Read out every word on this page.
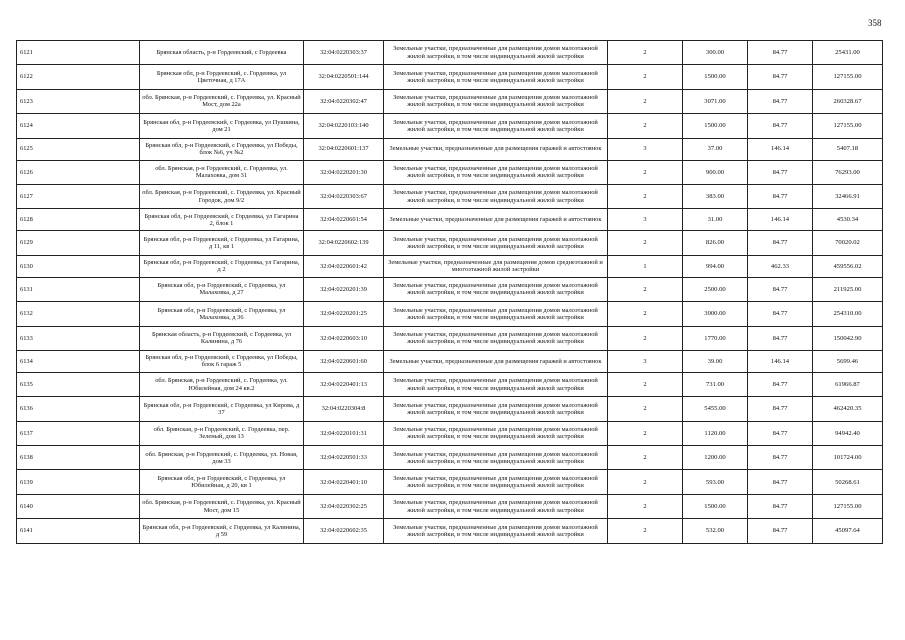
358
6121	Брянская область, р-н Гордеевский, с Гордеевка	32:04:0220303:37	Земельные участки, предназначенные для размещения домов малоэтажной жилой застройки, в том числе индивидуальной жилой застройки	2	300.00	84.77	25431.00
6122	Брянская обл, р-н Гордеевский, с. Гордеевка, ул Цветочная, д 17А	32:04:0220501:144	Земельные участки, предназначенные для размещения домов малоэтажной жилой застройки, в том числе индивидуальной жилой застройки	2	1500.00	84.77	127155.00
6123	обл. Брянская, р-н Гордеевский, с. Гордеевка, ул. Красный Мост, дом 22а	32:04:0220302:47	Земельные участки, предназначенные для размещения домов малоэтажной жилой застройки, в том числе индивидуальной жилой застройки	2	3071.00	84.77	260328.67
6124	Брянская обл, р-н Гордеевский, с Гордеевка, ул Пушкина, дом 21	32:04:0220103:140	Земельные участки, предназначенные для размещения домов малоэтажной жилой застройки, в том числе индивидуальной жилой застройки	2	1500.00	84.77	127155.00
6125	Брянская обл, р-н Гордеевский, с Гордеевка, ул Победы, блок №6, уч №2	32:04:0220601:137	Земельные участки, предназначенные для размещения гаражей и автостоянок	3	37.00	146.14	5407.18
6126	обл. Брянская, р-н Гордеевский, с. Гордеевка, ул. Малаховка, дом 31	32:04:0220201:30	Земельные участки, предназначенные для размещения домов малоэтажной жилой застройки, в том числе индивидуальной жилой застройки	2	900.00	84.77	76293.00
6127	обл. Брянская, р-н Гордеевский, с. Гордеевка, ул. Красный Городок, дом 9/2	32:04:0220303:67	Земельные участки, предназначенные для размещения домов малоэтажной жилой застройки, в том числе индивидуальной жилой застройки	2	383.00	84.77	32466.91
6128	Брянская обл, р-н Гордеевский, с Гордеевка, ул Гагарина 2, блок 1	32:04:0220601:54	Земельные участки, предназначенные для размещения гаражей и автостоянок	3	31.00	146.14	4530.34
6129	Брянская обл, р-н Гордеевский, с Гордеевка, ул Гагарина, д 11, кв 1	32:04:0220602:139	Земельные участки, предназначенные для размещения домов малоэтажной жилой застройки, в том числе индивидуальной жилой застройки	2	826.00	84.77	70020.02
6130	Брянская обл, р-н Гордеевский, с Гордеевка, ул Гагарина, д 2	32:04:0220601:42	Земельные участки, предназначенные для размещения домов среднеэтажной и многоэтажной жилой застройки	1	994.00	462.33	459556.02
6131	Брянская обл, р-н Гордеевский, с Гордеевка, ул Малаховка, д 27	32:04:0220201:39	Земельные участки, предназначенные для размещения домов малоэтажной жилой застройки, в том числе индивидуальной жилой застройки	2	2500.00	84.77	211925.00
6132	Брянская обл, р-н Гордеевский, с Гордеевка, ул Малаховка, д 36	32:04:0220201:25	Земельные участки, предназначенные для размещения домов малоэтажной жилой застройки, в том числе индивидуальной жилой застройки	2	3000.00	84.77	254310.00
6133	Брянская область, р-н Гордеевский, с Гордеевка, ул Калинина, д 76	32:04:0220603:10	Земельные участки, предназначенные для размещения домов малоэтажной жилой застройки, в том числе индивидуальной жилой застройки	2	1770.00	84.77	150042.90
6134	Брянская обл, р-н Гордеевский, с Гордеевка, ул Победы, блок 6 гараж 5	32:04:0220601:60	Земельные участки, предназначенные для размещения гаражей и автостоянок	3	39.00	146.14	5699.46
6135	обл. Брянская, р-н Гордеевский, с. Гордеевка, ул. Юбилейная, дом 24 кв.2	32:04:0220401:13	Земельные участки, предназначенные для размещения домов малоэтажной жилой застройки, в том числе индивидуальной жилой застройки	2	731.00	84.77	61966.87
6136	Брянская обл, р-н Гордеевский, с Гордеевка, ул Кирова, д 37	32:04:0220304:8	Земельные участки, предназначенные для размещения домов малоэтажной жилой застройки, в том числе индивидуальной жилой застройки	2	5455.00	84.77	462420.35
6137	обл. Брянская, р-н Гордеевский, с. Гордеевка, пер. Зеленый, дом 13	32:04:0220101:31	Земельные участки, предназначенные для размещения домов малоэтажной жилой застройки, в том числе индивидуальной жилой застройки	2	1120.00	84.77	94942.40
6138	обл. Брянская, р-н Гордеевский, с. Гордеевка, ул. Новая, дом 33	32:04:0220501:33	Земельные участки, предназначенные для размещения домов малоэтажной жилой застройки, в том числе индивидуальной жилой застройки	2	1200.00	84.77	101724.00
6139	Брянская обл, р-н Гордеевский, с Гордеевка, ул Юбилейная, д 20, кв 1	32:04:0220401:10	Земельные участки, предназначенные для размещения домов малоэтажной жилой застройки, в том числе индивидуальной жилой застройки	2	593.00	84.77	50268.61
6140	обл. Брянская, р-н Гордеевский, с. Гордеевка, ул. Красный Мост, дом 15	32:04:0220302:25	Земельные участки, предназначенные для размещения домов малоэтажной жилой застройки, в том числе индивидуальной жилой застройки	2	1500.00	84.77	127155.00
6141	Брянская обл, р-н Гордеевский, с Гордеевка, ул Калинина, д 59	32:04:0220602:35	Земельные участки, предназначенные для размещения домов малоэтажной жилой застройки, в том числе индивидуальной жилой застройки	2	532.00	84.77	45097.64
